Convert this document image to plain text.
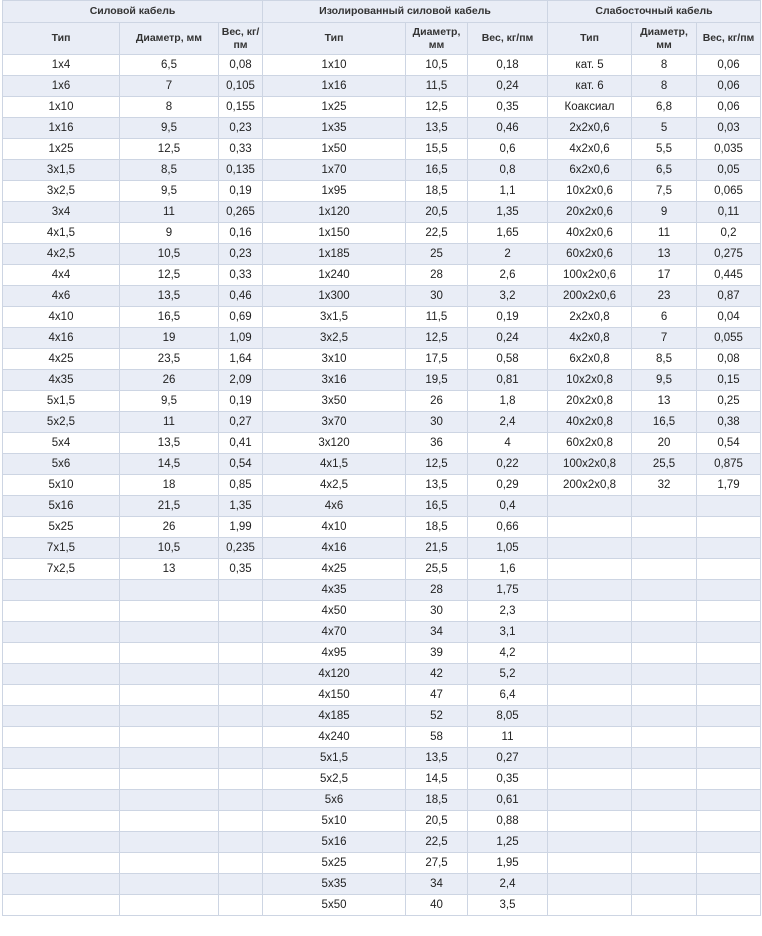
Силовой кабель			Изолированный силовой кабель			Слабосточный кабель		
Тип	Диаметр, мм	Вес, кг/пм	Тип	Диаметр, мм	Вес, кг/пм	Тип	Диаметр, мм	Вес, кг/пм
1x4	6,5	0,08	1x10	10,5	0,18	кат. 5	8	0,06
1x6	7	0,105	1x16	11,5	0,24	кат. 6	8	0,06
1x10	8	0,155	1x25	12,5	0,35	Коаксиал	6,8	0,06
1x16	9,5	0,23	1x35	13,5	0,46	2x2x0,6	5	0,03
1x25	12,5	0,33	1x50	15,5	0,6	4x2x0,6	5,5	0,035
3x1,5	8,5	0,135	1x70	16,5	0,8	6x2x0,6	6,5	0,05
3x2,5	9,5	0,19	1x95	18,5	1,1	10x2x0,6	7,5	0,065
3x4	11	0,265	1x120	20,5	1,35	20x2x0,6	9	0,11
4x1,5	9	0,16	1x150	22,5	1,65	40x2x0,6	11	0,2
4x2,5	10,5	0,23	1x185	25	2	60x2x0,6	13	0,275
4x4	12,5	0,33	1x240	28	2,6	100x2x0,6	17	0,445
4x6	13,5	0,46	1x300	30	3,2	200x2x0,6	23	0,87
4x10	16,5	0,69	3x1,5	11,5	0,19	2x2x0,8	6	0,04
4x16	19	1,09	3x2,5	12,5	0,24	4x2x0,8	7	0,055
4x25	23,5	1,64	3x10	17,5	0,58	6x2x0,8	8,5	0,08
4x35	26	2,09	3x16	19,5	0,81	10x2x0,8	9,5	0,15
5x1,5	9,5	0,19	3x50	26	1,8	20x2x0,8	13	0,25
5x2,5	11	0,27	3x70	30	2,4	40x2x0,8	16,5	0,38
5x4	13,5	0,41	3x120	36	4	60x2x0,8	20	0,54
5x6	14,5	0,54	4x1,5	12,5	0,22	100x2x0,8	25,5	0,875
5x10	18	0,85	4x2,5	13,5	0,29	200x2x0,8	32	1,79
5x16	21,5	1,35	4x6	16,5	0,4			
5x25	26	1,99	4x10	18,5	0,66			
7x1,5	10,5	0,235	4x16	21,5	1,05			
7x2,5	13	0,35	4x25	25,5	1,6			
			4x35	28	1,75			
			4x50	30	2,3			
			4x70	34	3,1			
			4x95	39	4,2			
			4x120	42	5,2			
			4x150	47	6,4			
			4x185	52	8,05			
			4x240	58	11			
			5x1,5	13,5	0,27			
			5x2,5	14,5	0,35			
			5x6	18,5	0,61			
			5x10	20,5	0,88			
			5x16	22,5	1,25			
			5x25	27,5	1,95			
			5x35	34	2,4			
			5x50	40	3,5			
